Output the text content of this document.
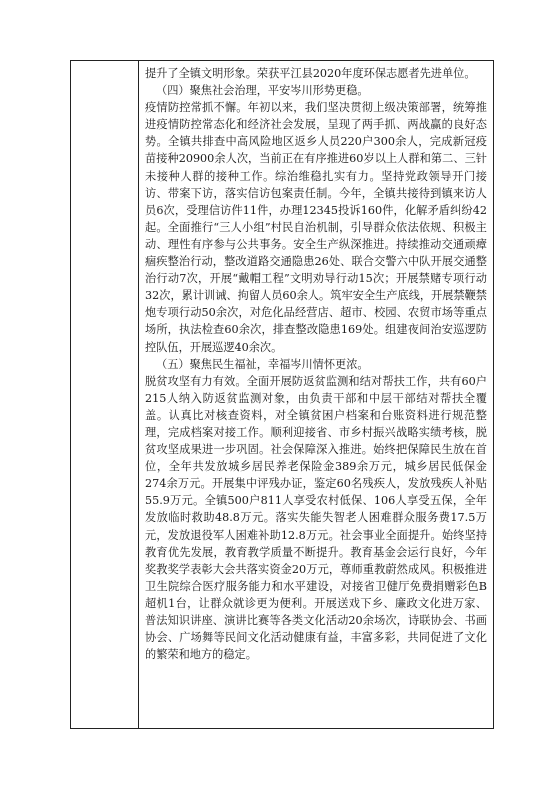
提升了全镇文明形象。荣获平江县2020年度环保志愿者先进单位。

（四）聚焦社会治理，平安岑川形势更稳。

疫情防控常抓不懈。年初以来，我们坚决贯彻上级决策部署，统筹推进疫情防控常态化和经济社会发展，呈现了两手抓、两战赢的良好态势。全镇共排查中高风险地区返乡人员220户300余人，完成新冠疫苗接种20900余人次，当前正在有序推进60岁以上人群和第二、三针未接种人群的接种工作。综治维稳扎实有力。坚持党政领导开门接访、带案下访，落实信访包案责任制。今年，全镇共接待到镇来访人员6次，受理信访件11件，办理12345投诉160件，化解矛盾纠纷42起。全面推行“三人小组”村民自治机制，引导群众依法依规、积极主动、理性有序参与公共事务。安全生产纵深推进。持续推动交通顽瘴痼疾整治行动，整改道路交通隐患26处、联合交警六中队开展交通整治行动7次，开展“戴帽工程”文明劝导行动15次；开展禁赌专项行动32次，累计训诫、拘留人员60余人。筑牢安全生产底线，开展禁鞭禁炮专项行动50余次，对危化品经营店、超市、校园、农贸市场等重点场所，执法检查60余次，排查整改隐患169处。组建夜间治安巡逻防控队伍，开展巡逻40余次。

（五）聚焦民生福祉，幸福岑川情怀更浓。

脱贫攻坚有力有效。全面开展防返贫监测和结对帮扶工作，共有60户215人纳入防返贫监测对象，由负责干部和中层干部结对帮扶全覆盖。认真比对核查资料，对全镇贫困户档案和台账资料进行规范整理，完成档案对接工作。顺利迎接省、市乡村振兴战略实绩考核，脱贫攻坚成果进一步巩固。社会保障深入推进。始终把保障民生放在首位，全年共发放城乡居民养老保险金389余万元，城乡居民低保金274余万元。开展集中评残办证，鉴定60名残疾人，发放残疾人补贴55.9万元。全镇500户811人享受农村低保、106人享受五保，全年发放临时救助48.8万元。落实失能失智老人困难群众服务费17.5万元，发放退役军人困难补助12.8万元。社会事业全面提升。始终坚持教育优先发展，教育教学质量不断提升。教育基金会运行良好，今年奖教奖学表彰大会共落实资金20万元，尊师重教蔚然成风。积极推进卫生院综合医疗服务能力和水平建设，对接省卫健厅免费捐赠彩色B超机1台，让群众就诊更为便利。开展送戏下乡、廉政文化进万家、普法知识讲座、演讲比赛等各类文化活动20余场次，诗联协会、书画协会、广场舞等民间文化活动健康有益，丰富多彩，共同促进了文化的繁荣和地方的稳定。
